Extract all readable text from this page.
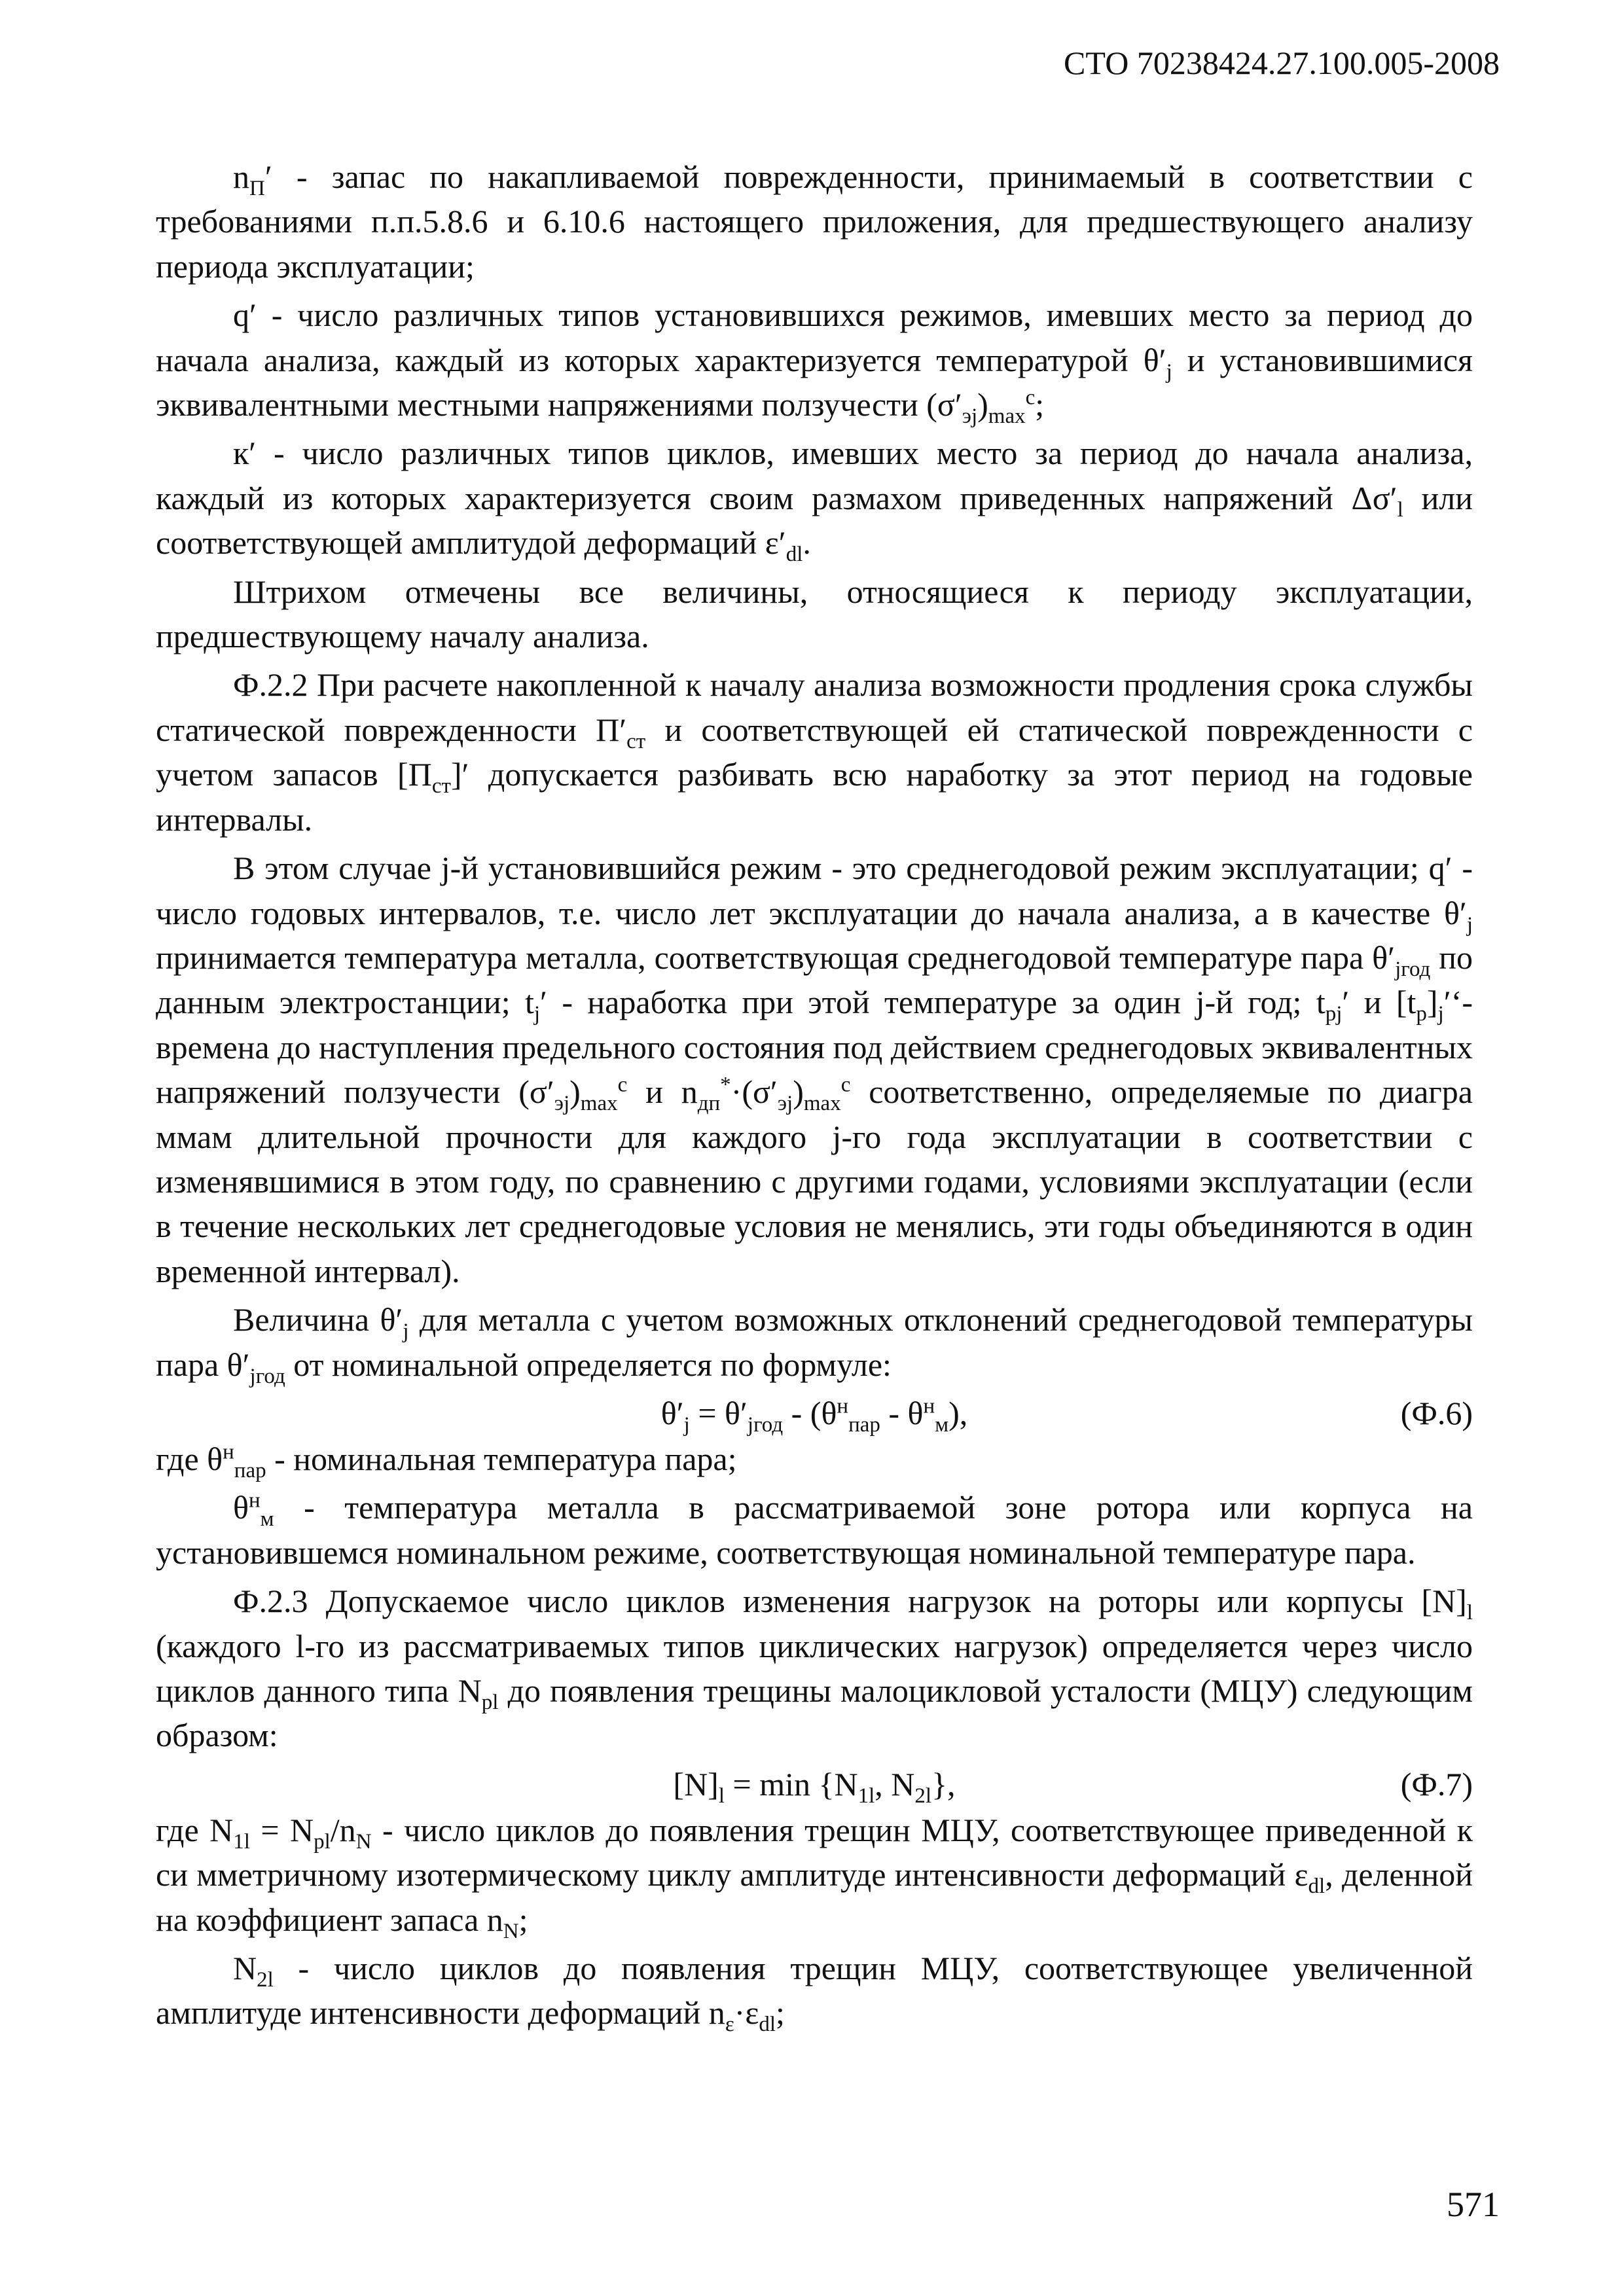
СТО 70238424.27.100.005-2008

$n_П'$ - запас по накапливаемой поврежденности, принимаемый в соответствии с требованиями п.п.5.8.6 и 6.10.6 настоящего приложения, для предшествующего анализу периода эксплуатации;

q′ - число различных типов установившихся режимов, имевших место за период до начала анализа, каждый из которых характеризуется температурой $\theta'_j$ и установившимися эквивалентными местными напряжениями ползучести $(\sigma'_{эj})_{max}^c$;

к′ - число различных типов циклов, имевших место за период до начала анализа, каждый из которых характеризуется своим размахом приведенных напряжений $\Delta\sigma'_l$ или соответствующей амплитудой деформаций $\varepsilon'_{dl}$.

Штрихом отмечены все величины, относящиеся к периоду эксплуатации, предшествующему началу анализа.

Ф.2.2 При расчете накопленной к началу анализа возможности продления срока службы статической поврежденности $П'_{ст}$ и соответствующей ей статической поврежденности с учетом запасов $[П_{ст}]'$ допускается разбивать всю наработку за этот период на годовые интервалы.

В этом случае j-й установившийся режим - это среднегодовой режим эксплуатации; q′ - число годовых интервалов, т.е. число лет эксплуатации до начала анализа, а в качестве $\theta'_j$ принимается температура металла, соответствующая среднегодовой температуре пара $\theta'_{jгод}$ по данным электростанции; $t_j'$ - наработка при этой температуре за один j-й год; $t_{pj}'$ и $[t_p]_j'‘-$ времена до наступления предельного состояния под действием среднегодовых эквивалентных напряжений ползучести $(\sigma'_{эj})_{max}^c$ и $n_{дп}^*\cdot(\sigma'_{эj})_{max}^c$ соответственно, определяемые по диагра ммам длительной прочности для каждого j-го года эксплуатации в соответствии с изменявшимися в этом году, по сравнению с другими годами, условиями эксплуатации (если в течение нескольких лет среднегодовые условия не менялись, эти годы объединяются в один временной интервал).

Величина $\theta'_j$ для металла с учетом возможных отклонений среднегодовой температуры пара $\theta'_{jгод}$ от номинальной определяется по формуле:

$\theta'_j = \theta'_{jгод} - (\theta^н_{пар} - \theta^н_м)$,	(Ф.6)

где $\theta^н_{пар}$ - номинальная температура пара;

$\theta^н_м$ - температура металла в рассматриваемой зоне ротора или корпуса на установившемся номинальном режиме, соответствующая номинальной температуре пара.

Ф.2.3 Допускаемое число циклов изменения нагрузок на роторы или корпусы $[N]_l$ (каждого l-го из рассматриваемых типов циклических нагрузок) определяется через число циклов данного типа $N_{pl}$ до появления трещины малоцикловой усталости (МЦУ) следующим образом:

$[N]_l = \min \{N_{1l}$, $N_{2l}$},	(Ф.7)

где $N_{1l} = N_{pl}/n_N$ - число циклов до появления трещин МЦУ, соответствующее приведенной к си мметричному изотермическому циклу амплитуде интенсивности деформаций $\varepsilon_{dl}$, деленной на коэффициент запаса $n_N$;

$N_{2l}$ - число циклов до появления трещин МЦУ, соответствующее увеличенной амплитуде интенсивности деформаций $n_\varepsilon\cdot\varepsilon_{dl}$;

571
